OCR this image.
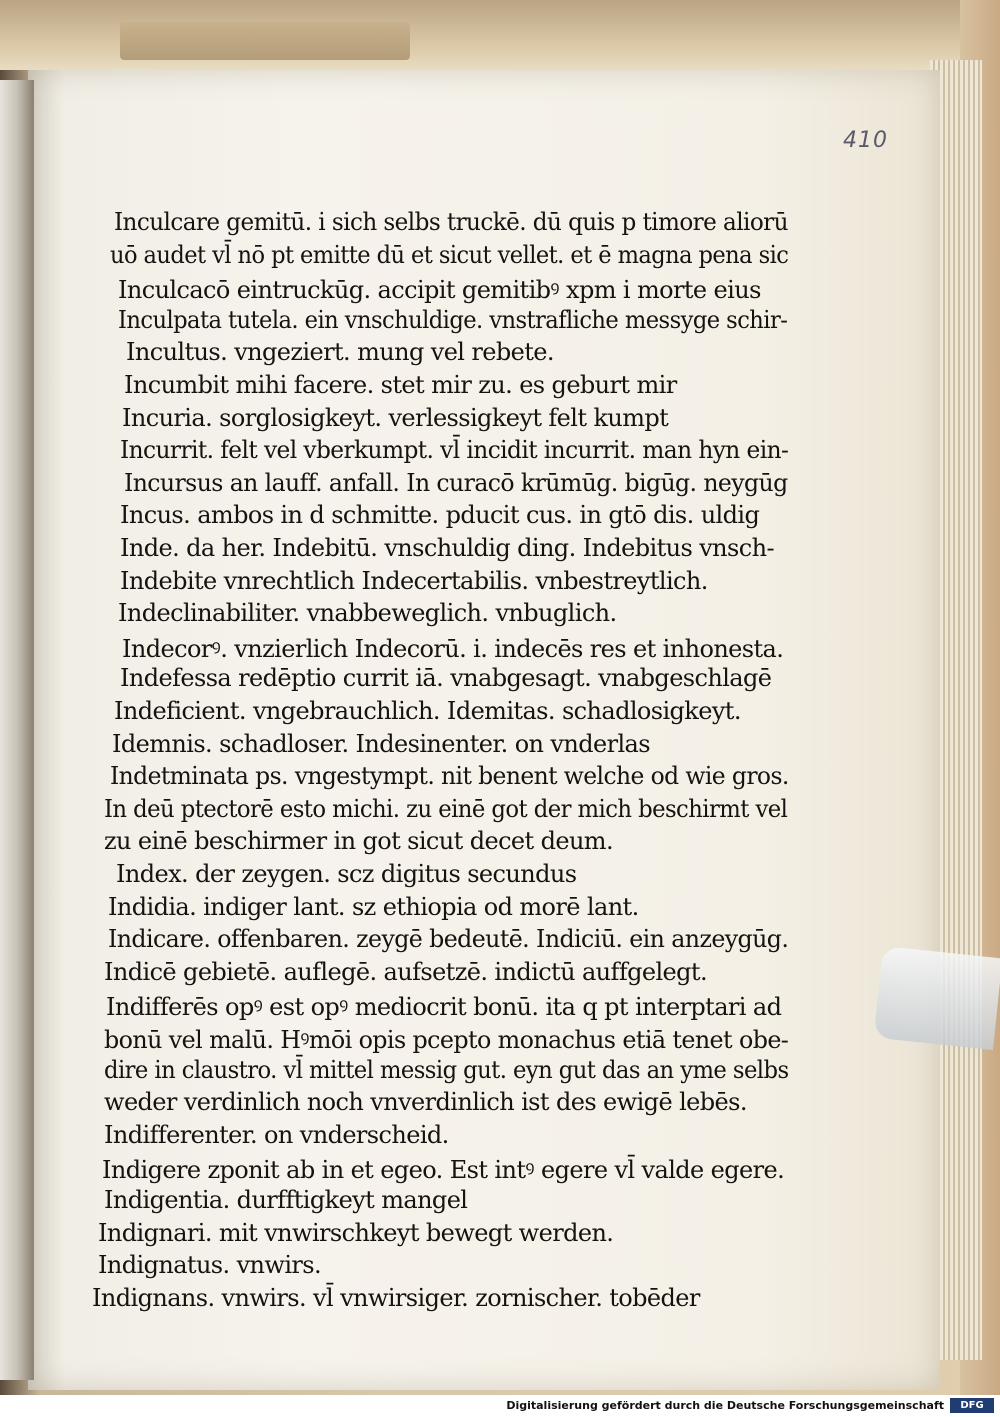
410
Inculcare gemitū. i sich selbs truckē. dū quis p timore aliorū
uō audet vl̄ nō pt emitte dū et sicut vellet. et ē magna pena sic
Inculcacō eintruckūg. accipit gemitibꝰ xpm i morte eius
Inculpata tutela. ein vnschuldige. vnstrafliche messyge schir-
Incultus. vngeziert. mung vel rebete.
Incumbit mihi facere. stet mir zu. es geburt mir
Incuria. sorglosigkeyt. verlessigkeyt felt kumpt
Incurrit. felt vel vberkumpt. vl̄ incidit incurrit. man hyn ein-
Incursus an lauff. anfall. In curacō krūmūg. bigūg. neygūg
Incus. ambos in d schmitte. pducit cus. in gtō dis. uldig
Inde. da her. Indebitū. vnschuldig ding. Indebitus vnsch-
Indebite vnrechtlich Indecertabilis. vnbestreytlich.
Indeclinabiliter. vnabbeweglich. vnbuglich.
Indecorꝰ. vnzierlich Indecorū. i. indecēs res et inhonesta.
Indefessa redēptio currit iā. vnabgesagt. vnabgeschlagē
Indeficient. vngebrauchlich. Idemitas. schadlosigkeyt.
Idemnis. schadloser. Indesinenter. on vnderlas
Indetminata ps. vngestympt. nit benent welche od wie gros.
In deū ptectorē esto michi. zu einē got der mich beschirmt vel
zu einē beschirmer in got sicut decet deum.
Index. der zeygen. scz digitus secundus
Indidia. indiger lant. sz ethiopia od morē lant.
Indicare. offenbaren. zeygē bedeutē. Indiciū. ein anzeygūg.
Indicē gebietē. auflegē. aufsetzē. indictū auffgelegt.
Indifferēs opꝰ est opꝰ mediocrit bonū. ita q pt interptari ad
bonū vel malū. Hꝰmōi opis pcepto monachus etiā tenet obe-
dire in claustro. vl̄ mittel messig gut. eyn gut das an yme selbs
weder verdinlich noch vnverdinlich ist des ewigē lebēs.
Indifferenter. on vnderscheid.
Indigere zponit ab in et egeo. Est intꝰ egere vl̄ valde egere.
Indigentia. durfftigkeyt mangel
Indignari. mit vnwirschkeyt bewegt werden.
Indignatus. vnwirs.
Indignans. vnwirs. vl̄ vnwirsiger. zornischer. tobēder
Digitalisierung gefördert durch die Deutsche Forschungsgemeinschaft	DFG
